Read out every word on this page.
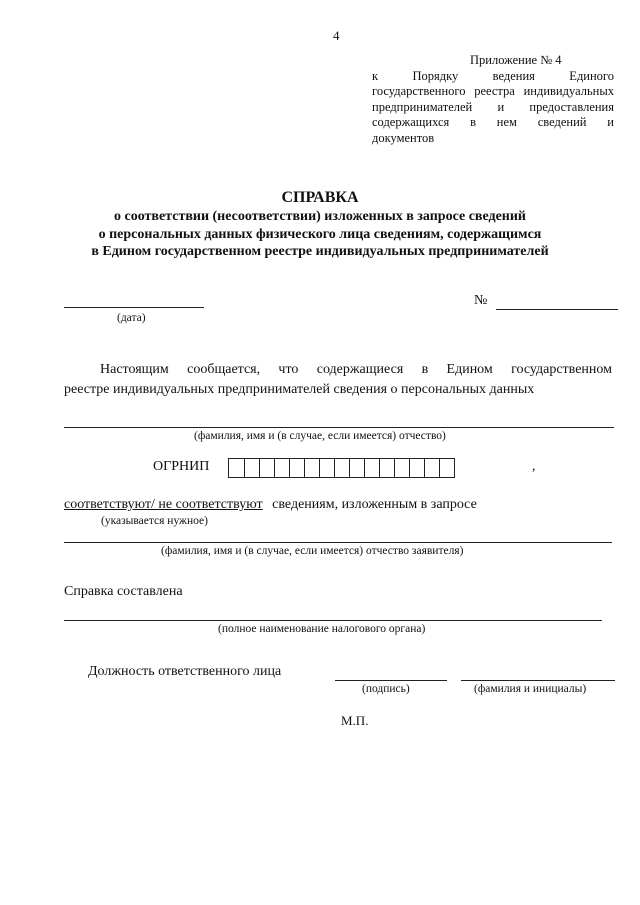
4
Приложение № 4
к Порядку ведения Единого
государственного реестра индивидуальных
предпринимателей и предоставления
содержащихся в нем сведений и
документов
СПРАВКА
о соответствии (несоответствии) изложенных в запросе сведений
о персональных данных физического лица сведениям, содержащимся
в Едином государственном реестре индивидуальных предпринимателей
(дата)
№
Настоящим сообщается, что содержащиеся в Едином государственном
реестре индивидуальных предпринимателей сведения о персональных данных
(фамилия, имя и (в случае, если имеется) отчество)
ОГРНИП	,
соответствуют/ не соответствуют сведениям, изложенным в запросе
(указывается нужное)
(фамилия, имя и (в случае, если имеется) отчество заявителя)
Справка составлена
(полное наименование налогового органа)
Должность ответственного лица
(подпись)	(фамилия и инициалы)
М.П.
